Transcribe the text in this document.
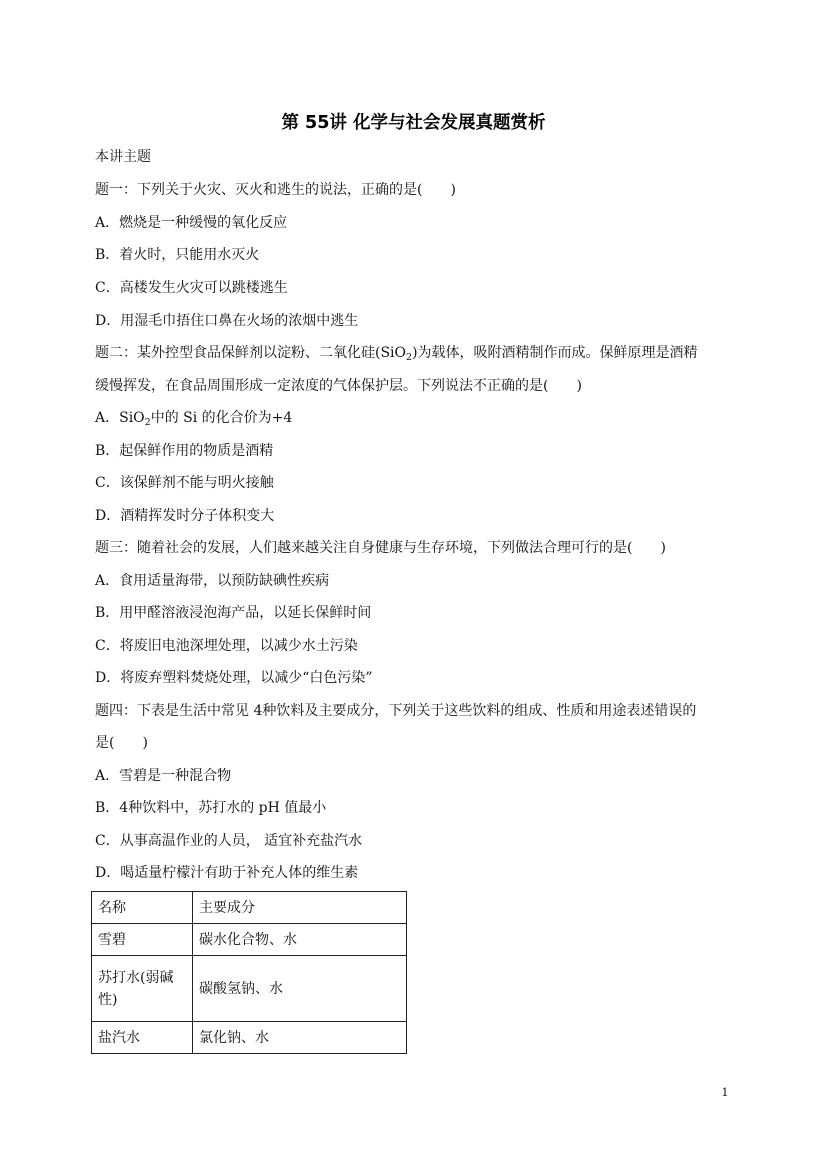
第 55讲 化学与社会发展真题赏析
本讲主题
题一：下列关于火灾、灭火和逃生的说法，正确的是(　　)
A．燃烧是一种缓慢的氧化反应
B．着火时，只能用水灭火
C．高楼发生火灾可以跳楼逃生
D．用湿毛巾捂住口鼻在火场的浓烟中逃生
题二：某外控型食品保鲜剂以淀粉、二氧化硅(SiO$_2$)为载体，吸附酒精制作而成。保鲜原理是酒精
缓慢挥发，在食品周围形成一定浓度的气体保护层。下列说法不正确的是(　　)
A．SiO$_2$中的 Si 的化合价为+4
B．起保鲜作用的物质是酒精
C．该保鲜剂不能与明火接触
D．酒精挥发时分子体积变大
题三：随着社会的发展，人们越来越关注自身健康与生存环境，下列做法合理可行的是(　　)
A．食用适量海带，以预防缺碘性疾病
B．用甲醛溶液浸泡海产品，以延长保鲜时间
C．将废旧电池深埋处理，以减少水土污染
D．将废弃塑料焚烧处理，以减少“白色污染”
题四：下表是生活中常见 4种饮料及主要成分，下列关于这些饮料的组成、性质和用途表述错误的
是(　　)
A．雪碧是一种混合物
B．4种饮料中，苏打水的 pH 值最小
C．从事高温作业的人员， 适宜补充盐汽水
D．喝适量柠檬汁有助于补充人体的维生素
名称	主要成分
雪碧	碳水化合物、水
苏打水(弱碱性)	碳酸氢钠、水
盐汽水	氯化钠、水
1
